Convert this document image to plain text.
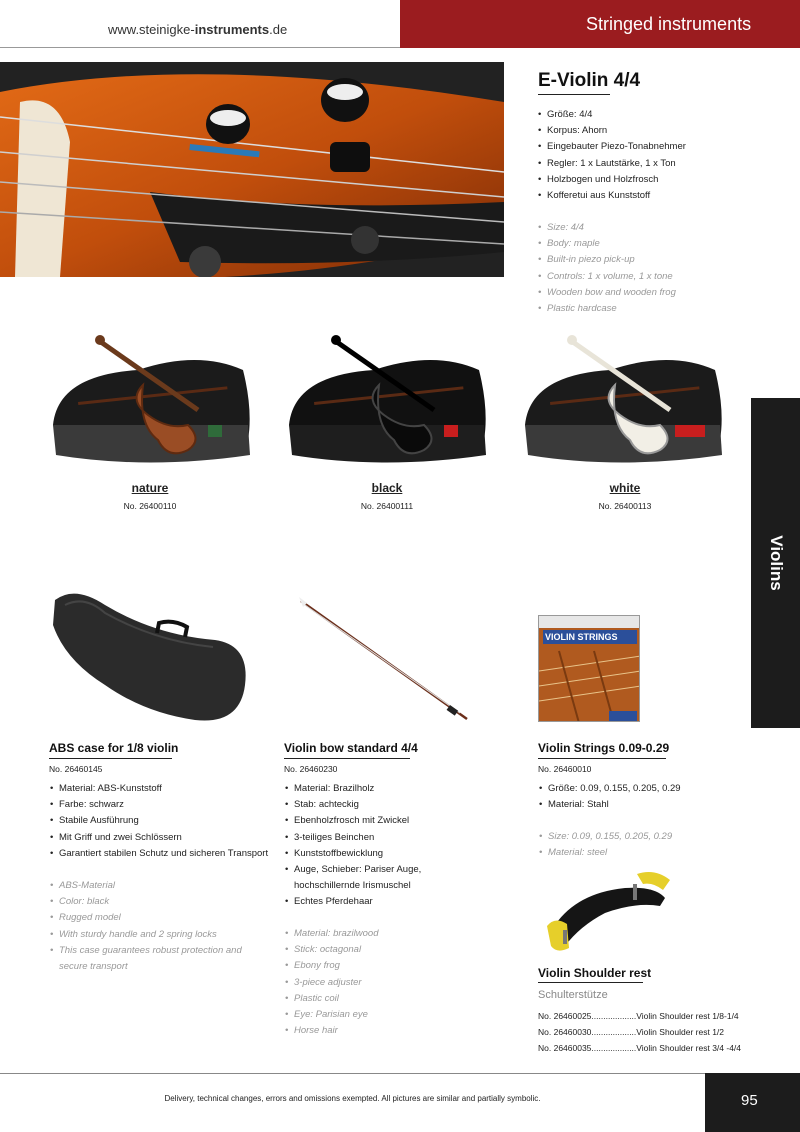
www.steinigke-instruments.de	Stringed instruments
E-Violin 4/4
• Größe: 4/4
• Korpus: Ahorn
• Eingebauter Piezo-Tonabnehmer
• Regler: 1 x Lautstärke, 1 x Ton
• Holzbogen und Holzfrosch
• Kofferetui aus Kunststoff
• Size: 4/4
• Body: maple
• Built-in piezo pick-up
• Controls: 1 x volume, 1 x tone
• Wooden bow and wooden frog
• Plastic hardcase
nature
No. 26400110
black
No. 26400111
white
No. 26400113
Violins
ABS case for 1/8 violin
No. 26460145
• Material: ABS-Kunststoff
• Farbe: schwarz
• Stabile Ausführung
• Mit Griff und zwei Schlössern
• Garantiert stabilen Schutz und sicheren Transport
• ABS-Material
• Color: black
• Rugged model
• With sturdy handle and 2 spring locks
• This case guarantees robust protection and secure transport
Violin bow standard 4/4
No. 26460230
• Material: Brazilholz
• Stab: achteckig
• Ebenholzfrosch mit Zwickel
• 3-teiliges Beinchen
• Kunststoffbewicklung
• Auge, Schieber: Pariser Auge, hochschillernde Irismuschel
• Echtes Pferdehaar
• Material: brazilwood
• Stick: octagonal
• Ebony frog
• 3-piece adjuster
• Plastic coil
• Eye: Parisian eye
• Horse hair
VIOLIN STRINGS
Violin Strings 0.09-0.29
No. 26460010
• Größe: 0.09, 0.155, 0.205, 0.29
• Material: Stahl
• Size: 0.09, 0.155, 0.205, 0.29
• Material: steel
Violin Shoulder rest
Schulterstütze
No. 26460025...................Violin Shoulder rest 1/8-1/4
No. 26460030...................Violin Shoulder rest 1/2
No. 26460035...................Violin Shoulder rest 3/4 -4/4
Delivery, technical changes, errors and omissions exempted. All pictures are similar and partially symbolic.	95
